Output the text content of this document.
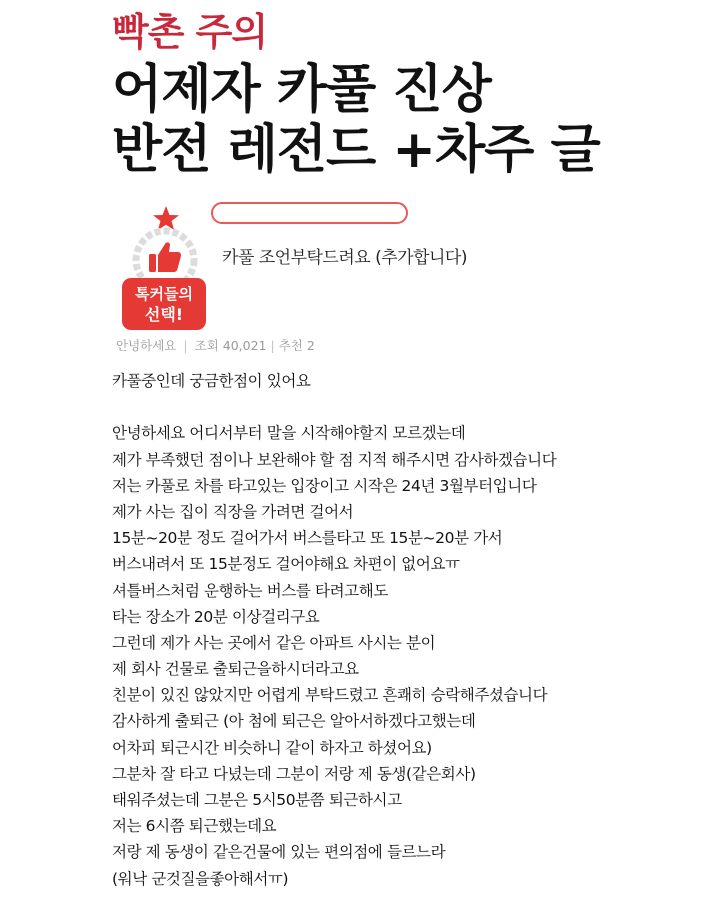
빡촌 주의
어제자 카풀 진상
반전 레전드 +차주 글
톡커들의
선택!
카풀 조언부탁드려요 (추가합니다)
안녕하세요 | 조회 40,021 | 추천 2
카풀중인데 궁금한점이 있어요
안녕하세요 어디서부터 말을 시작해야할지 모르겠는데
제가 부족했던 점이나 보완해야 할 점 지적 해주시면 감사하겠습니다
저는 카풀로 차를 타고있는 입장이고 시작은 24년 3월부터입니다
제가 사는 집이 직장을 가려면 걸어서
15분~20분 정도 걸어가서 버스를타고 또 15분~20분 가서
버스내려서 또 15분정도 걸어야해요 차편이 없어요ㅠ
셔틀버스처럼 운행하는 버스를 타려고해도
타는 장소가 20분 이상걸리구요
그런데 제가 사는 곳에서 같은 아파트 사시는 분이
제 회사 건물로 출퇴근을하시더라고요
친분이 있진 않았지만 어렵게 부탁드렸고 흔쾌히 승락해주셨습니다
감사하게 출퇴근 (아 첨에 퇴근은 알아서하겠다고했는데
어차피 퇴근시간 비슷하니 같이 하자고 하셨어요)
그분차 잘 타고 다녔는데 그분이 저랑 제 동생(같은회사)
태워주셨는데 그분은 5시50분쯤 퇴근하시고
저는 6시쯤 퇴근했는데요
저랑 제 동생이 같은건물에 있는 편의점에 들르느라
(워낙 군것질을좋아해서ㅠ)
